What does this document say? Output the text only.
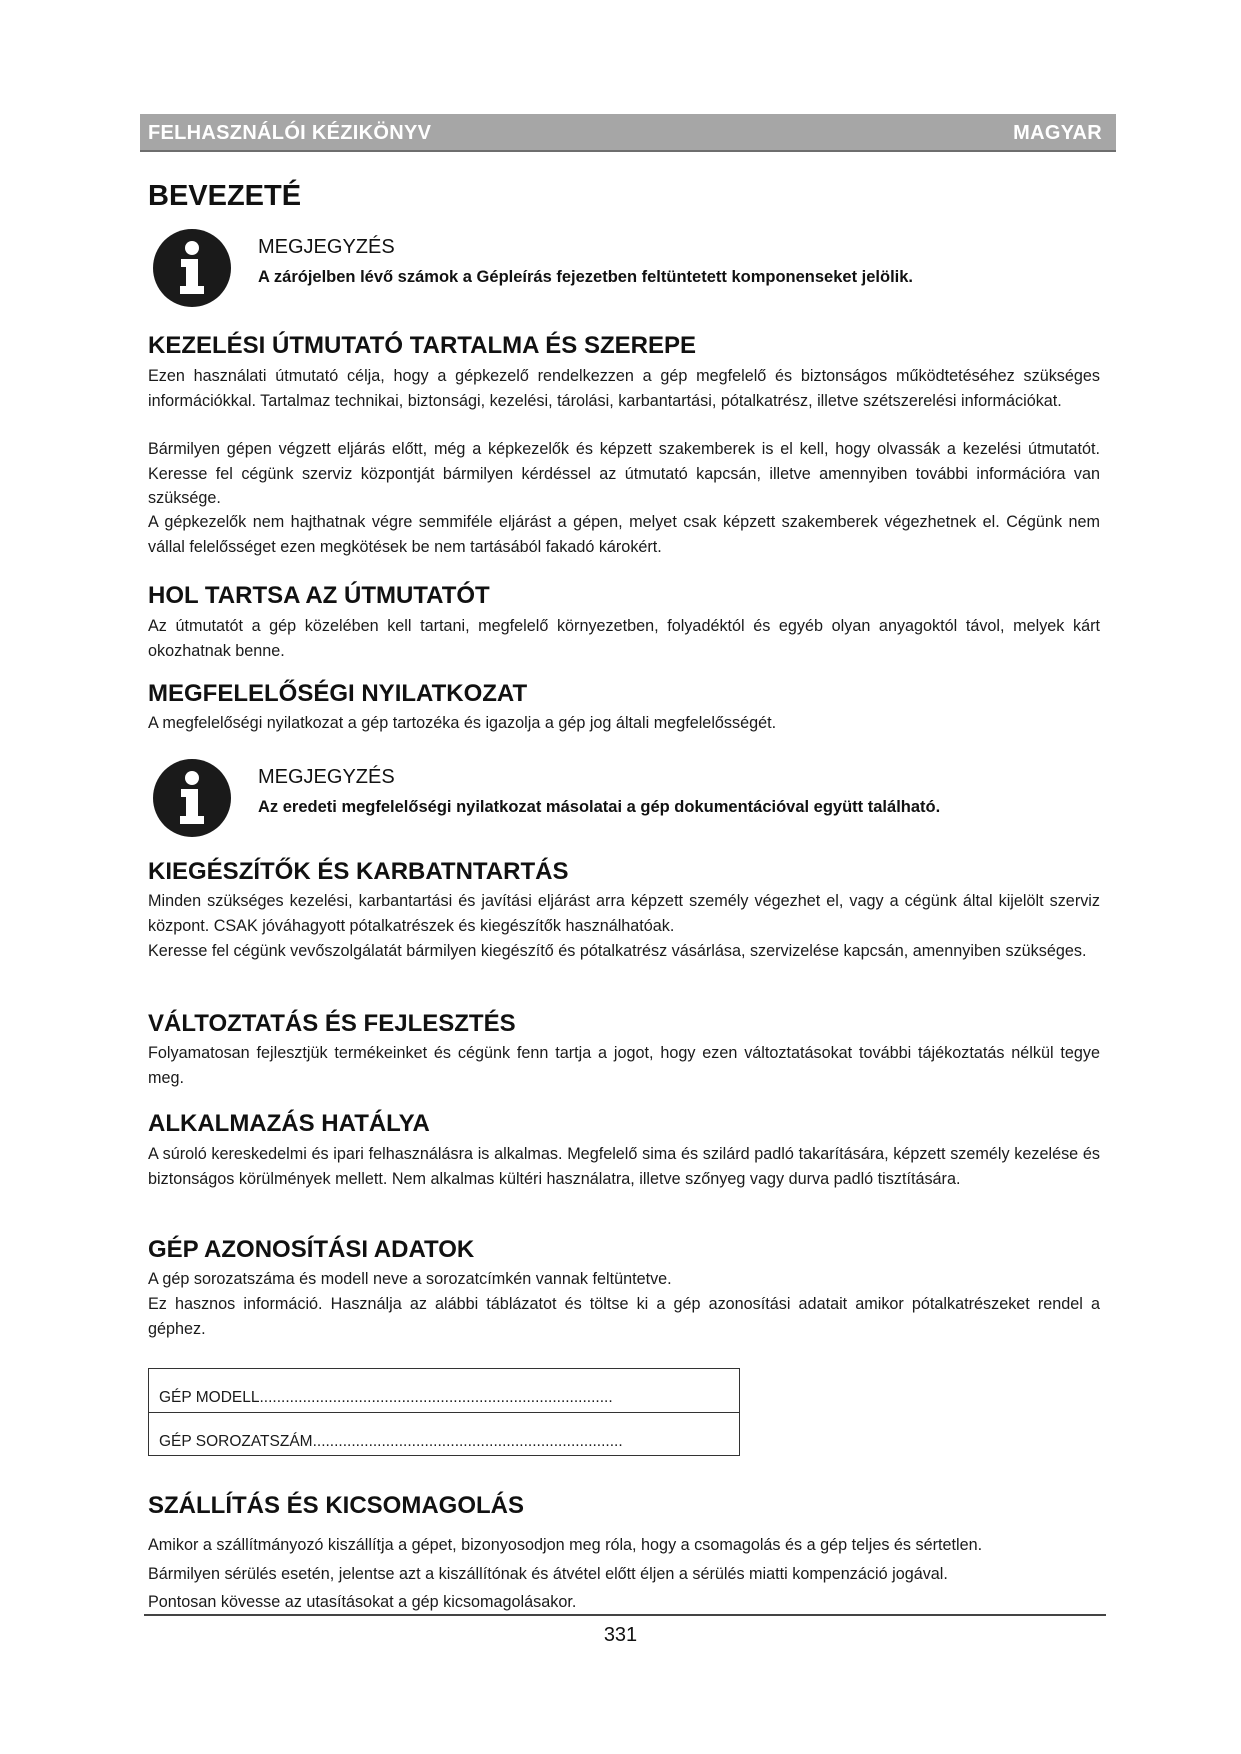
FELHASZNÁLÓI KÉZIKÖNYV	MAGYAR
BEVEZETÉ
MEGJEGYZÉS
A zárójelben lévő számok a Gépleírás fejezetben feltüntetett komponenseket jelölik.
KEZELÉSI ÚTMUTATÓ TARTALMA ÉS SZEREPE

Ezen használati útmutató célja, hogy a gépkezelő rendelkezzen a gép megfelelő és biztonságos működtetéséhez szükséges információkkal. Tartalmaz technikai, biztonsági, kezelési, tárolási, karbantartási, pótalkatrész, illetve szétszerelési információkat.

Bármilyen gépen végzett eljárás előtt, még a képkezelők és képzett szakemberek is el kell, hogy olvassák a kezelési útmutatót. Keresse fel cégünk szerviz központját bármilyen kérdéssel az útmutató kapcsán, illetve amennyiben további információra van szüksége.

A gépkezelők nem hajthatnak végre semmiféle eljárást a gépen, melyet csak képzett szakemberek végezhetnek el. Cégünk nem vállal felelősséget ezen megkötések be nem tartásából fakadó károkért.

HOL TARTSA AZ ÚTMUTATÓT

Az útmutatót a gép közelében kell tartani, megfelelő környezetben, folyadéktól és egyéb olyan anyagoktól távol, melyek kárt okozhatnak benne.

MEGFELELŐSÉGI NYILATKOZAT

A megfelelőségi nyilatkozat a gép tartozéka és igazolja a gép jog általi megfelelősségét.

MEGJEGYZÉS
Az eredeti megfelelőségi nyilatkozat másolatai a gép dokumentációval együtt található.
KIEGÉSZÍTŐK ÉS KARBATNTARTÁS

Minden szükséges kezelési, karbantartási és javítási eljárást arra képzett személy végezhet el, vagy a cégünk által kijelölt szerviz központ. CSAK jóváhagyott pótalkatrészek és kiegészítők használhatóak.

Keresse fel cégünk vevőszolgálatát bármilyen kiegészítő és pótalkatrész vásárlása, szervizelése kapcsán, amennyiben szükséges.

VÁLTOZTATÁS ÉS FEJLESZTÉS

Folyamatosan fejlesztjük termékeinket és cégünk fenn tartja a jogot, hogy ezen változtatásokat további tájékoztatás nélkül tegye meg.

ALKALMAZÁS HATÁLYA

A súroló kereskedelmi és ipari felhasználásra is alkalmas. Megfelelő sima és szilárd padló takarítására, képzett személy kezelése és biztonságos körülmények mellett. Nem alkalmas kültéri használatra, illetve szőnyeg vagy durva padló tisztítására.

GÉP AZONOSÍTÁSI ADATOK

A gép sorozatszáma és modell neve a sorozatcímkén vannak feltüntetve.

Ez hasznos információ. Használja az alábbi táblázatot és töltse ki a gép azonosítási adatait amikor pótalkatrészeket rendel a géphez.

GÉP MODELL..................................................................................
GÉP SOROZATSZÁM........................................................................
SZÁLLÍTÁS ÉS KICSOMAGOLÁS

Amikor a szállítmányozó kiszállítja a gépet, bizonyosodjon meg róla, hogy a csomagolás és a gép teljes és sértetlen.

Bármilyen sérülés esetén, jelentse azt a kiszállítónak és átvétel előtt éljen a sérülés miatti kompenzáció jogával.

Pontosan kövesse az utasításokat a gép kicsomagolásakor.

331
